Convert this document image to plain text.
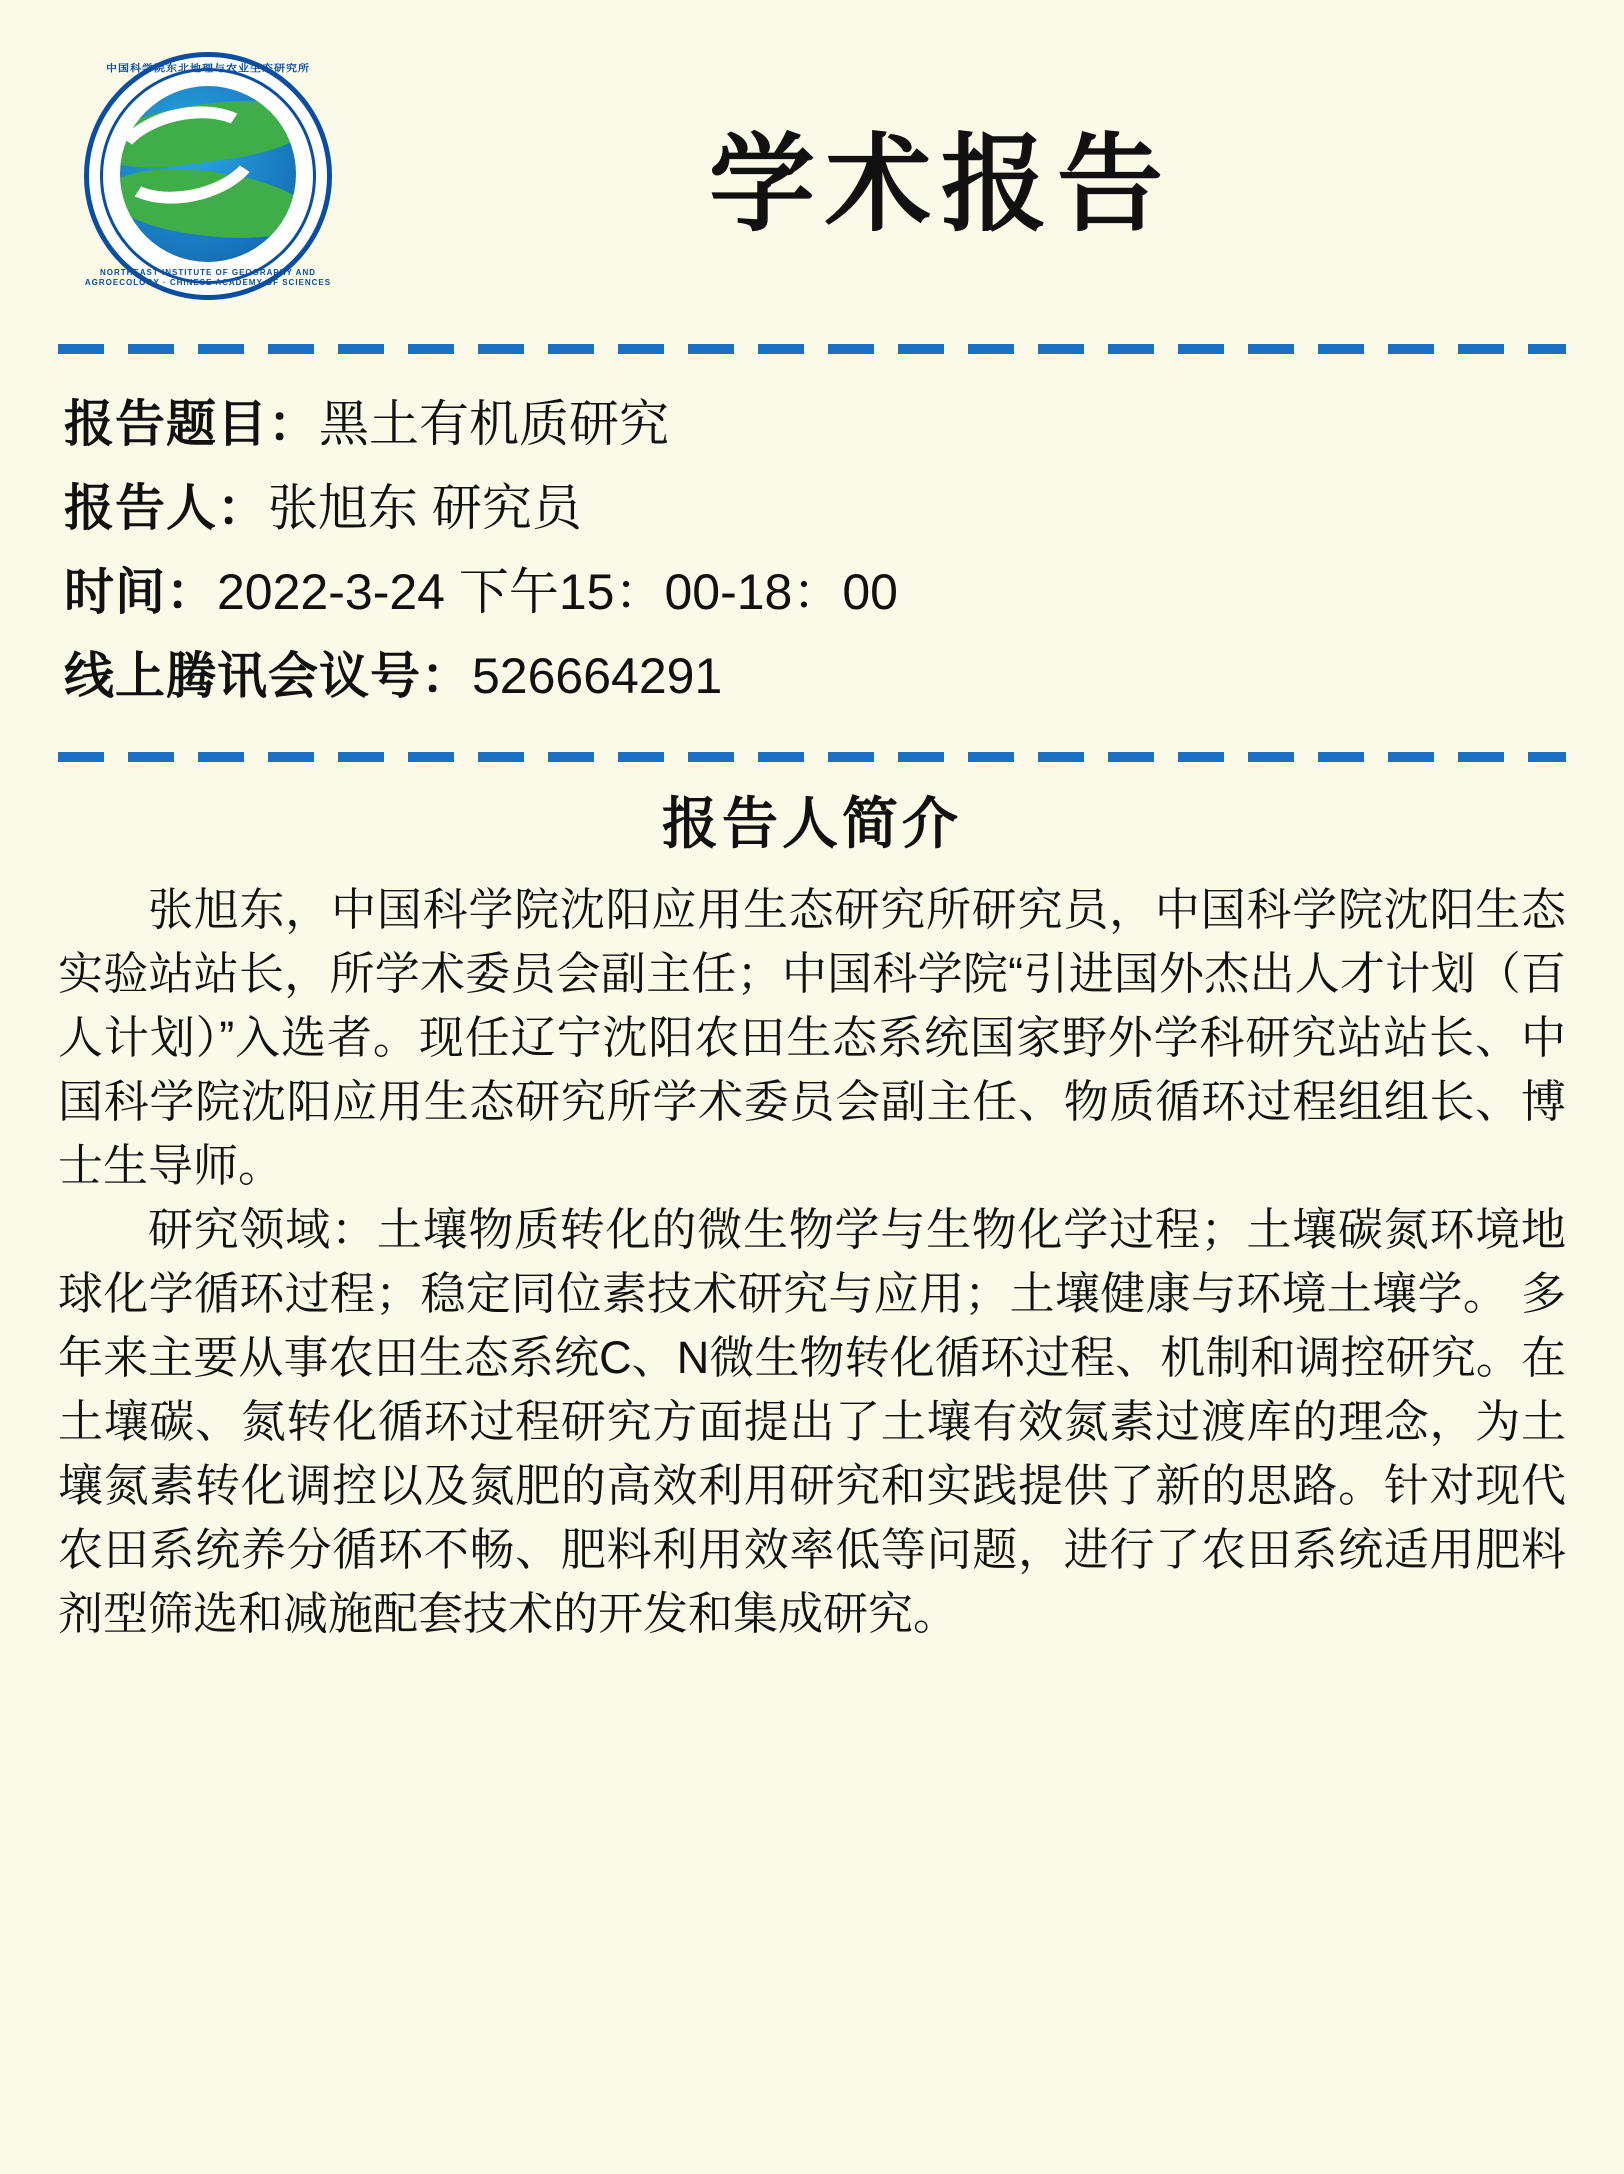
中国科学院东北地理与农业生态研究所
NORTHEAST INSTITUTE OF GEOGRAPHY AND AGROECOLOGY · CHINESE ACADEMY OF SCIENCES
学术报告
报告题目：黑土有机质研究
报告人：张旭东 研究员
时间：2022-3-24 下午15：00-18：00
线上腾讯会议号：526664291
报告人简介

张旭东，中国科学院沈阳应用生态研究所研究员，中国科学院沈阳生态实验站站长，所学术委员会副主任；中国科学院“引进国外杰出人才计划（百人计划）”入选者。现任辽宁沈阳农田生态系统国家野外学科研究站站长、中国科学院沈阳应用生态研究所学术委员会副主任、物质循环过程组组长、博士生导师。

研究领域：土壤物质转化的微生物学与生物化学过程；土壤碳氮环境地球化学循环过程；稳定同位素技术研究与应用；土壤健康与环境土壤学。 多年来主要从事农田生态系统C、N微生物转化循环过程、机制和调控研究。在土壤碳、氮转化循环过程研究方面提出了土壤有效氮素过渡库的理念，为土壤氮素转化调控以及氮肥的高效利用研究和实践提供了新的思路。针对现代农田系统养分循环不畅、肥料利用效率低等问题，进行了农田系统适用肥料剂型筛选和减施配套技术的开发和集成研究。
